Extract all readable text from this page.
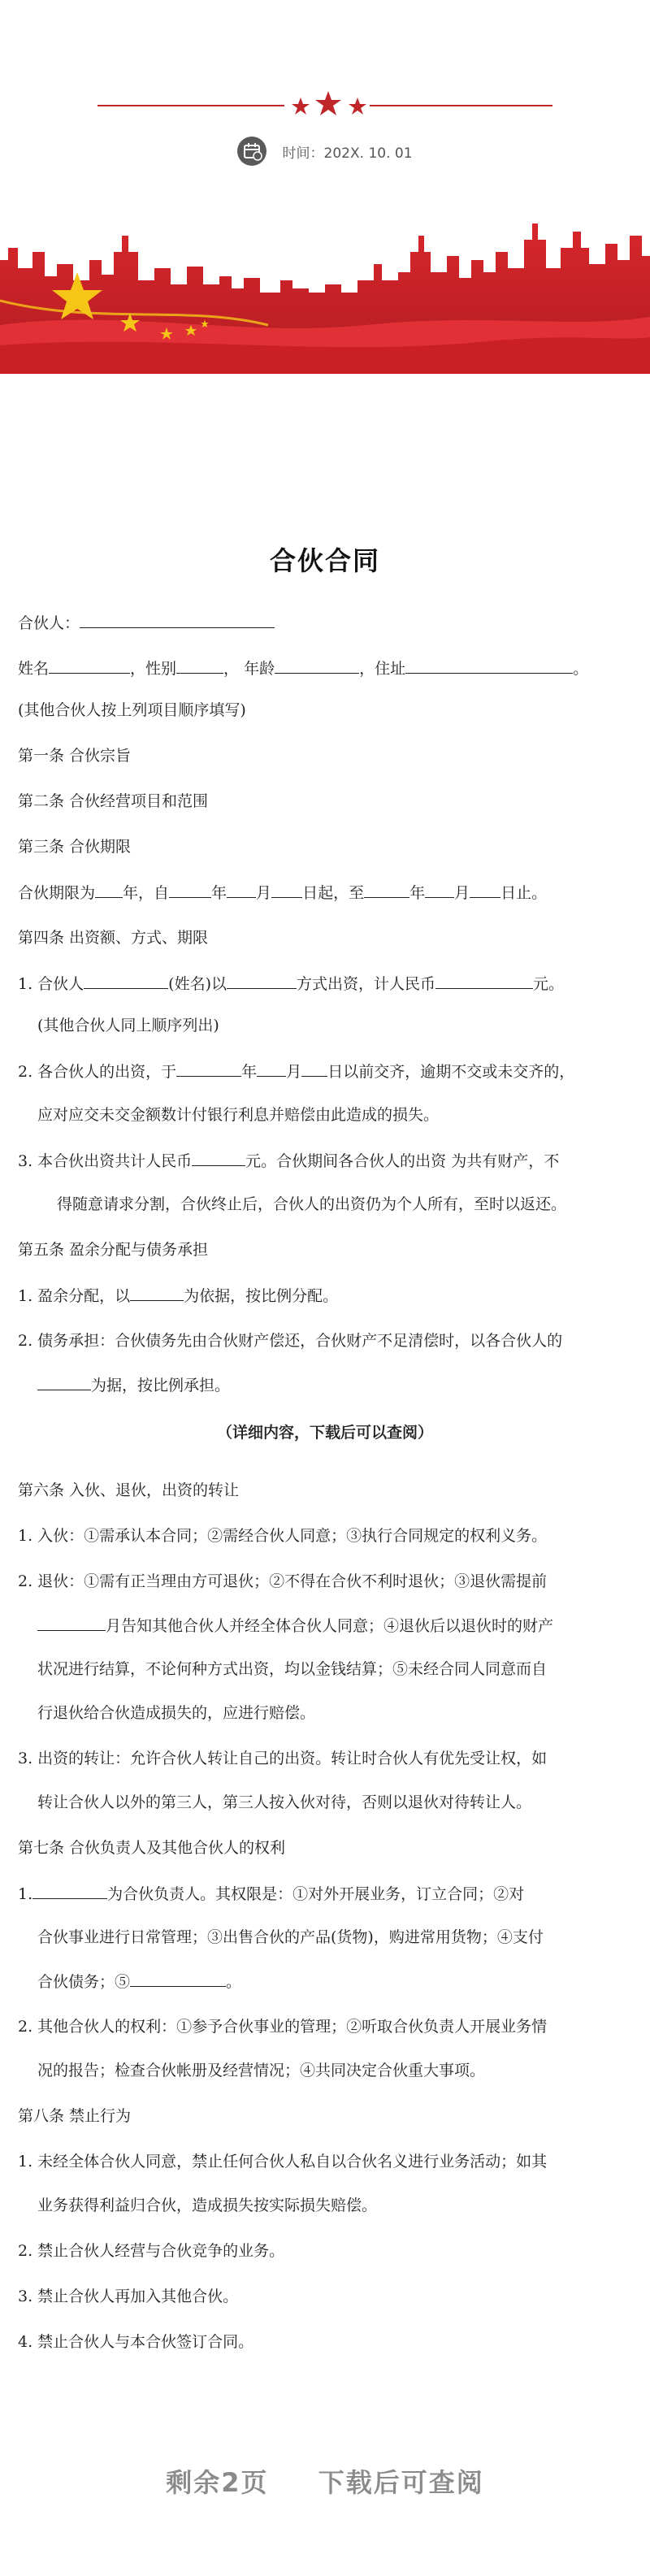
时间：202X. 10. 01
合伙合同
合伙人：
姓名	，性别	， 年龄	，住址	。
(其他合伙人按上列项目顺序填写)
第一条 合伙宗旨
第二条 合伙经营项目和范围
第三条 合伙期限
合伙期限为 年，自	年 月 日起，至	年 月 日止。
第四条 出资额、方式、期限
1. 合伙人	(姓名)以	方式出资，计人民币	元。
(其他合伙人同上顺序列出)
2. 各合伙人的出资，于	年 月 日以前交齐，逾期不交或未交齐的，
应对应交未交金额数计付银行利息并赔偿由此造成的损失。
3. 本合伙出资共计人民币	元。合伙期间各合伙人的出资 为共有财产，不
得随意请求分割，合伙终止后，合伙人的出资仍为个人所有，至时以返还。
第五条 盈余分配与债务承担
1. 盈余分配，以	为依据，按比例分配。
2. 债务承担：合伙债务先由合伙财产偿还，合伙财产不足清偿时，以各合伙人的
为据，按比例承担。
（详细内容，下载后可以查阅）
第六条 入伙、退伙，出资的转让
1. 入伙：①需承认本合同；②需经合伙人同意；③执行合同规定的权利义务。
2. 退伙：①需有正当理由方可退伙；②不得在合伙不利时退伙；③退伙需提前
月告知其他合伙人并经全体合伙人同意；④退伙后以退伙时的财产
状况进行结算，不论何种方式出资，均以金钱结算；⑤未经合同人同意而自
行退伙给合伙造成损失的，应进行赔偿。
3. 出资的转让：允许合伙人转让自己的出资。转让时合伙人有优先受让权，如
转让合伙人以外的第三人，第三人按入伙对待，否则以退伙对待转让人。
第七条 合伙负责人及其他合伙人的权利
1.	为合伙负责人。其权限是：①对外开展业务，订立合同；②对
合伙事业进行日常管理；③出售合伙的产品(货物)，购进常用货物；④支付
合伙债务；⑤	。
2. 其他合伙人的权利：①参予合伙事业的管理；②听取合伙负责人开展业务情
况的报告；检查合伙帐册及经营情况；④共同决定合伙重大事项。
第八条 禁止行为
1. 未经全体合伙人同意，禁止任何合伙人私自以合伙名义进行业务活动；如其
业务获得利益归合伙，造成损失按实际损失赔偿。
2. 禁止合伙人经营与合伙竞争的业务。
3. 禁止合伙人再加入其他合伙。
4. 禁止合伙人与本合伙签订合同。
剩余2页 下载后可查阅
